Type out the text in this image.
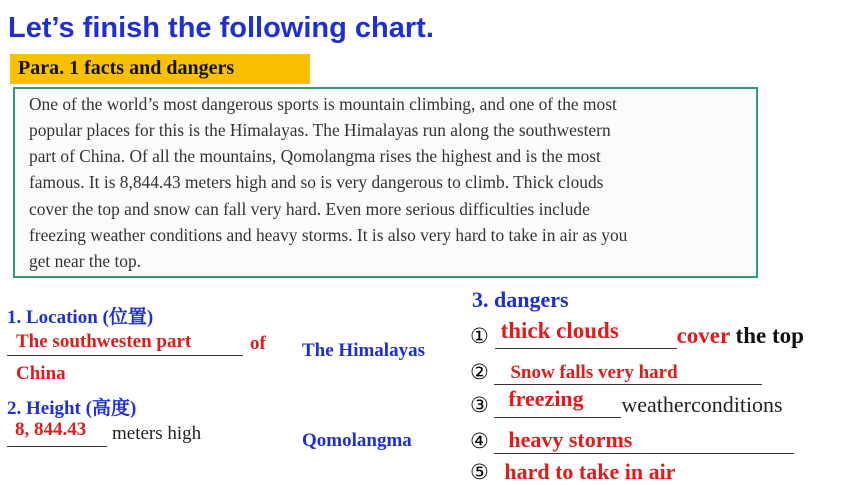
Let’s finish the following chart.
Para. 1 facts and dangers
One of the world’s most dangerous sports is mountain climbing, and one of the most
popular places for this is the Himalayas. The Himalayas run along the southwestern
part of China. Of all the mountains, Qomolangma rises the highest and is the most
famous. It is 8,844.43 meters high and so is very dangerous to climb. Thick clouds
cover the top and snow can fall very hard. Even more serious difficulties include
freezing weather conditions and heavy storms. It is also very hard to take in air as you
get near the top.
1. Location (位置)
The southwesten part	of
China
2. Height (高度)
8, 844.43 meters high
The Himalayas
Qomolangma
3. dangers
① thick clouds	cover the top
② Snow falls very hard
③ freezing weatherconditions
④ heavy storms
⑤ hard to take in air
